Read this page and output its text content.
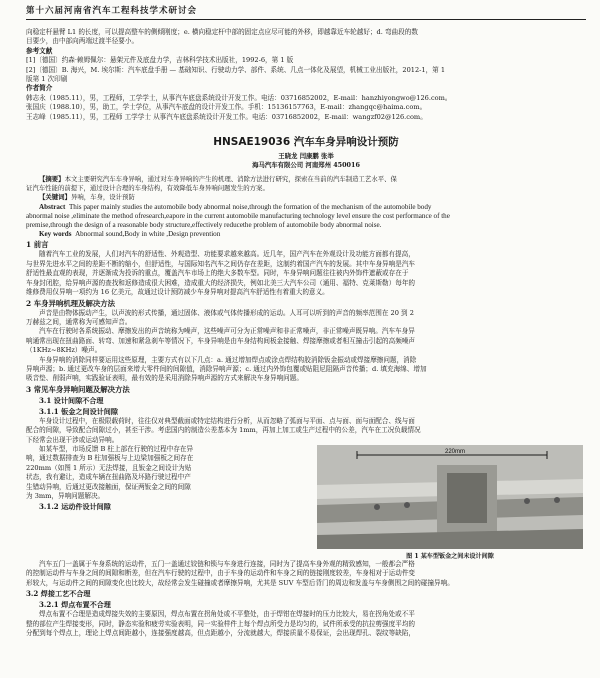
第十六届河南省汽车工程科技学术研讨会

向稳定杆悬臂 L1 的长度，可以提高整车的侧倾刚度；e. 横向稳定杆中部的固定点应尽可能的外移，即越靠近车轮越好；d. 弯曲段的数

目要少，由中部向两端过渡半径要小。

参考文献

[1]〔德国〕约森·赖姆佩尔：悬架元件及底盘力学，吉林科学技术出版社，1992-6，第 1 版

[2]〔德国〕B. 海兴，M. 埃尔斯：汽车底盘手册 — 基础知识、行驶动力学、部件、系统、几点一体化及展望，机械工业出版社，2012-1，第 1

版第 1 次印刷

作者简介

韩志永（1985.11），男，工程师，工学学士，从事汽车底盘系统设计开发工作。电话：03716852002，E-mail：hanzhiyongwo@126.com。

张国庆（1988.10），男，助工，学士学位，从事汽车底盘的设计开发工作。手机：15136157763，E-mail：zhangqc@haima.com。

王志峰（1985.11），男，工程师 工学学士 从事汽车底盘系统设计开发工作。电话：03716852002，E-mail：wangzf02@126.com。

HNSAE19036 汽车车身异响设计预防
王晓龙 闫康鹏 张举
海马汽车有限公司 河南郑州 450016

【摘要】本文主要研究汽车车身异响，通过对车身异响的产生的机理、消除方法进行研究，探索在当前的汽车制造工艺水平、保

证汽车性能的前提下，通过设计合理的车身结构，有效降低车身异响问题发生的方案。

【关键词】异响，车身，设计预防

Abstract This paper mainly studies the automobile body abnormal noise,through the formation of the mechanism of the automobile body

abnormal noise ,eliminate the method ofresearch,eapore in the current automobile manufacturing technology level ensure the cost performance of the

premise,through the design of a reasonable body structure,effectively reducethe problem of automobile body abnormal noise.

Key words Abnormal sound,Body in white ,Design prevention

1 前言

随着汽车工业的发展，人们对汽车的舒适性、外观造型、功能要求越来越高。近几年，国产汽车在外观设计及功能方面都有提高，

与世界先进水平之间的差距不断的缩小，但舒适性，与国际知名汽车之间仍存在差距，这制约着国产汽车的发展。其中车身异响是汽车

舒适性最直观的表现，并逐渐成为投诉的重点，覆盖汽车市场上的绝大多数车型。同时，车身异响问题往往被内外饰件遮蔽或存在于

车身封闭腔，给异响声源的查找和返修造成很大困难，造成重大的经济损失，例如北美三大汽车公司（通用、福特、克莱斯勒）每年的

维修费用仅异响一项约为 16 亿美元，故通过设计预防减少车身异响对提高汽车舒适性有着重大的意义。

2 车身异响机理及解决方法

声音是由物体振动产生，以声波的形式传播，通过固体、液体或气体传播形成的运动。人耳可以听到的声音的频率范围在 20 到 2

万赫兹之间，通常称为可感知声音。

汽车在行驶时各系统振动、摩擦发出的声音统称为噪声，这些噪声可分为正常噪声和非正常噪声，非正常噪声既异响。汽车车身异

响通常出现在扭曲路面、转弯、加速和紧急刹车等情况下，车身异响是由车身结构间板金接触、焊接摩擦或者相互撞击引起的高频噪声

（1KHz~8KHz）噪声。

车身异响的消除同样要运用这些原理，主要方式有以下几点：a. 通过增加焊点或涂点焊结构胶消除钣金振动或焊接摩擦问题，消除

异响声源；b. 通过更改车身的层面来增大零件间的间隙值，消除异响声源；c. 通过内外饰包覆或贴阻尼阻隔声音传播；d. 填充海绵、增加

吸音垫、削弱声响，实践验证表明，最有效的是采用消除异响声源的方式来解决车身异响问题。

3 常见车身异响问题及解决方法

3.1 设计间隙不合理

3.1.1 钣金之间设计间隙

车身设计过程中，在极限载荷时，往往仅对典型截面或特定结构进行分析，从而忽略了弧面与平面、点与面、面与面配合、线与面

配合的间隙，导致配合间隙过小，甚至干涉。考虑国内的制造公差基本为 1mm，再加上加工或生产过程中的公差，汽车在工况负载情况

下经常会出现干涉或运动异响。

如某车型，市场反馈 B 柱上部在行驶的过程中存在异

响，通过数据排查为 B 柱加强板与上边梁加强板之间存在

220mm（如图 1 所示）无法焊接，且钣金之间设计为贴

状态，我有避让，造成车辆在扭曲路及坏路行驶过程中产

生错动异响，后通过更改接触面，保证两钣金之间的间隙

为 3mm，异响问题解决。

3.1.2 运动件设计间隙

220mm
图 1 某车型钣金之间未设计间隙

汽车五门一盖属于车身系统的运动件，五门一盖通过铰链和锁与车身进行连接，同时为了提高车身外观的精致感知，一般都会严格

的控制运动件与车身之间的间隙和断差，但在汽车行驶的过程中，由于车身的运动件和车身之间的链接刚度较差，车身相对于运动件变

形较大，与运动件之间的间隙变化也比较大，故经常会发生碰撞或者摩擦异响，尤其是 SUV 车型后背门的周边和发盖与车身侧围之间的碰撞异响。

3.2 焊接工艺不合理

3.2.1 焊点布置不合理

焊点布置不合理是造成焊接失效的主要原因，焊点布置在拐角处或不平整处，由于焊钳在焊接时的压力比较大，易在拐角处或不平

整的部位产生焊接变形，同时，静态实验和疲劳实验表明，同一实验样件上每个焊点所受力是均匀的，试件所承受的抗拉剪强度平均的

分配到每个焊点上，理论上焊点间距越小，连接强度越高，但点距越小，分流就越大，焊接质量不易保证，会出现焊孔、裂纹等缺陷，
